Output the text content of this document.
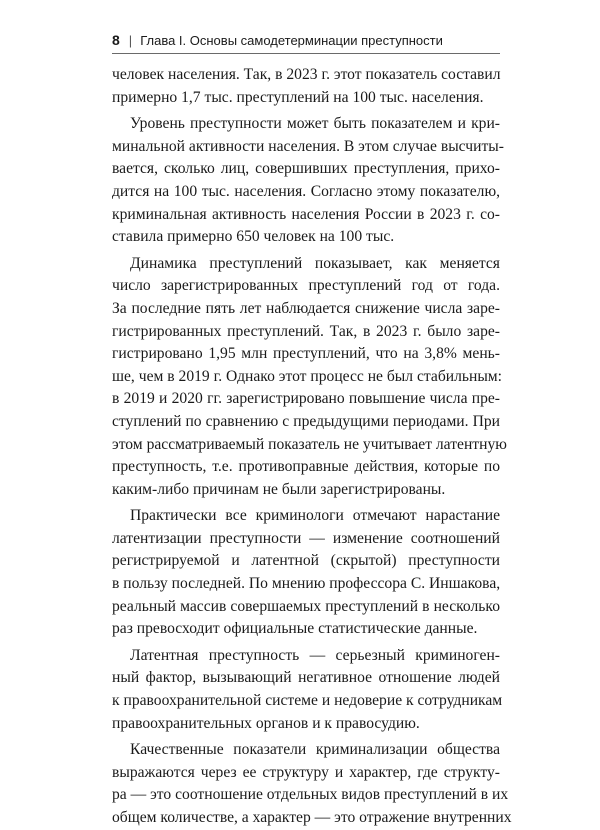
8 | Глава I.
Основы самодетерминации преступности
человек населения. Так, в 2023 г. этот показатель составил
примерно 1,7 тыс. преступлений на 100 тыс. населения.
Уровень преступности может быть показателем и кри-
минальной активности населения. В этом случае высчиты-
вается, сколько лиц, совершивших преступления, прихо-
дится на 100 тыс. населения. Согласно этому показателю,
криминальная активность населения России в 2023 г. со-
ставила примерно 650 человек на 100 тыс.
Динамика преступлений показывает, как меняется
число зарегистрированных преступлений год от года.
За последние пять лет наблюдается снижение числа заре-
гистрированных преступлений. Так, в 2023 г. было заре-
гистрировано 1,95 млн преступлений, что на 3,8% мень-
ше, чем в 2019 г. Однако этот процесс не был стабильным:
в 2019 и 2020 гг. зарегистрировано повышение числа пре-
ступлений по сравнению с предыдущими периодами. При
этом рассматриваемый показатель не учитывает латентную
преступность, т.е. противоправные действия, которые по
каким-либо причинам не были зарегистрированы.
Практически все криминологи отмечают нарастание
латентизации преступности — изменение соотношений
регистрируемой и латентной (скрытой) преступности
в пользу последней. По мнению профессора С. Иншакова,
реальный массив совершаемых преступлений в несколько
раз превосходит официальные статистические данные.
Латентная преступность — серьезный криминоген-
ный фактор, вызывающий негативное отношение людей
к правоохранительной системе и недоверие к сотрудникам
правоохранительных органов и к правосудию.
Качественные показатели криминализации общества
выражаются через ее структуру и характер, где структу-
ра — это соотношение отдельных видов преступлений в их
общем количестве, а характер — это отражение внутренних
